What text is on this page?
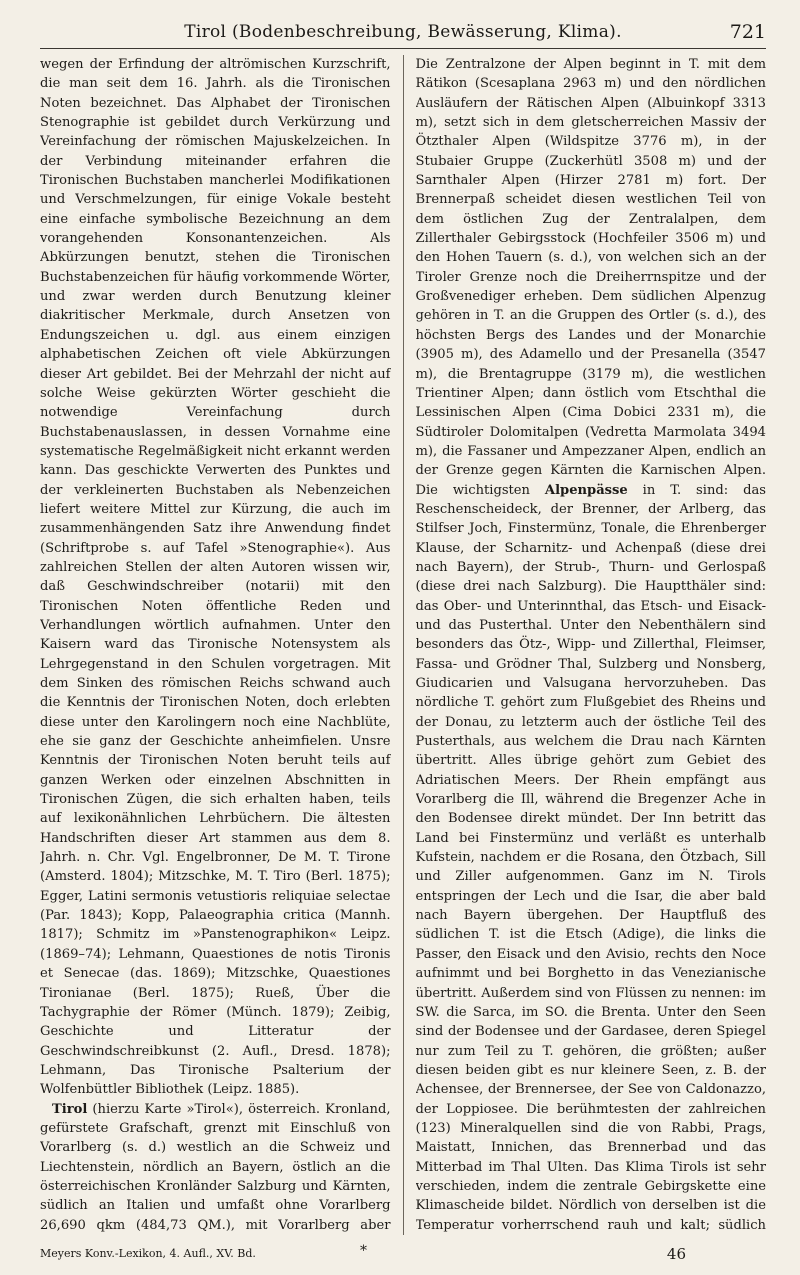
Tirol (Bodenbeschreibung, Bewässerung, Klima).	721

wegen der Erfindung der altrömischen Kurzschrift, die man seit dem 16. Jahrh. als die Tironischen Noten bezeichnet. Das Alphabet der Tironischen Stenographie ist gebildet durch Verkürzung und Vereinfachung der römischen Majuskelzeichen. In der Verbindung miteinander erfahren die Tironischen Buchstaben mancherlei Modifikationen und Verschmelzungen, für einige Vokale besteht eine einfache symbolische Bezeichnung an dem vorangehenden Konsonantenzeichen. Als Abkürzungen benutzt, stehen die Tironischen Buchstabenzeichen für häufig vorkommende Wörter, und zwar werden durch Benutzung kleiner diakritischer Merkmale, durch Ansetzen von Endungszeichen u. dgl. aus einem einzigen alphabetischen Zeichen oft viele Abkürzungen dieser Art gebildet. Bei der Mehrzahl der nicht auf solche Weise gekürzten Wörter geschieht die notwendige Vereinfachung durch Buchstabenauslassen, in dessen Vornahme eine systematische Regelmäßigkeit nicht erkannt werden kann. Das geschickte Verwerten des Punktes und der verkleinerten Buchstaben als Nebenzeichen liefert weitere Mittel zur Kürzung, die auch im zusammenhängenden Satz ihre Anwendung findet (Schriftprobe s. auf Tafel »Stenographie«). Aus zahlreichen Stellen der alten Autoren wissen wir, daß Geschwindschreiber (notarii) mit den Tironischen Noten öffentliche Reden und Verhandlungen wörtlich aufnahmen. Unter den Kaisern ward das Tironische Notensystem als Lehrgegenstand in den Schulen vorgetragen. Mit dem Sinken des römischen Reichs schwand auch die Kenntnis der Tironischen Noten, doch erlebten diese unter den Karolingern noch eine Nachblüte, ehe sie ganz der Geschichte anheimfielen. Unsre Kenntnis der Tironischen Noten beruht teils auf ganzen Werken oder einzelnen Abschnitten in Tironischen Zügen, die sich erhalten haben, teils auf lexikonähnlichen Lehrbüchern. Die ältesten Handschriften dieser Art stammen aus dem 8. Jahrh. n. Chr. Vgl. Engelbronner, De M. T. Tirone (Amsterd. 1804); Mitzschke, M. T. Tiro (Berl. 1875); Egger, Latini sermonis vetustioris reliquiae selectae (Par. 1843); Kopp, Palaeographia critica (Mannh. 1817); Schmitz im »Panstenographikon« Leipz. (1869–74); Lehmann, Quaestiones de notis Tironis et Senecae (das. 1869); Mitzschke, Quaestiones Tironianae (Berl. 1875); Rueß, Über die Tachygraphie der Römer (Münch. 1879); Zeibig, Geschichte und Litteratur der Geschwindschreibkunst (2. Aufl., Dresd. 1878); Lehmann, Das Tironische Psalterium der Wolfenbüttler Bibliothek (Leipz. 1885).

Tirol (hierzu Karte »Tirol«), österreich. Kronland, gefürstete Grafschaft, grenzt mit Einschluß von Vorarlberg (s. d.) westlich an die Schweiz und Liechtenstein, nördlich an Bayern, östlich an die österreichischen Kronländer Salzburg und Kärnten, südlich an Italien und umfaßt ohne Vorarlberg 26,690 qkm (484,73 QM.), mit Vorarlberg aber

Die Zentralzone der Alpen beginnt in T. mit dem Rätikon (Scesaplana 2963 m) und den nördlichen Ausläufern der Rätischen Alpen (Albuinkopf 3313 m), setzt sich in dem gletscherreichen Massiv der Ötzthaler Alpen (Wildspitze 3776 m), in der Stubaier Gruppe (Zuckerhütl 3508 m) und der Sarnthaler Alpen (Hirzer 2781 m) fort. Der Brennerpaß scheidet diesen westlichen Teil von dem östlichen Zug der Zentralalpen, dem Zillerthaler Gebirgsstock (Hochfeiler 3506 m) und den Hohen Tauern (s. d.), von welchen sich an der Tiroler Grenze noch die Dreiherrnspitze und der Großvenediger erheben. Dem südlichen Alpenzug gehören in T. an die Gruppen des Ortler (s. d.), des höchsten Bergs des Landes und der Monarchie (3905 m), des Adamello und der Presanella (3547 m), die Brentagruppe (3179 m), die westlichen Trientiner Alpen; dann östlich vom Etschthal die Lessinischen Alpen (Cima Dobici 2331 m), die Südtiroler Dolomitalpen (Vedretta Marmolata 3494 m), die Fassaner und Ampezzaner Alpen, endlich an der Grenze gegen Kärnten die Karnischen Alpen. Die wichtigsten Alpenpässe in T. sind: das Reschenscheideck, der Brenner, der Arlberg, das Stilfser Joch, Finstermünz, Tonale, die Ehrenberger Klause, der Scharnitz- und Achenpaß (diese drei nach Bayern), der Strub-, Thurn- und Gerlospaß (diese drei nach Salzburg). Die Hauptthäler sind: das Ober- und Unterinnthal, das Etsch- und Eisack- und das Pusterthal. Unter den Nebenthälern sind besonders das Ötz-, Wipp- und Zillerthal, Fleimser, Fassa- und Grödner Thal, Sulzberg und Nonsberg, Giudicarien und Valsugana hervorzuheben. Das nördliche T. gehört zum Flußgebiet des Rheins und der Donau, zu letzterm auch der östliche Teil des Pusterthals, aus welchem die Drau nach Kärnten übertritt. Alles übrige gehört zum Gebiet des Adriatischen Meers. Der Rhein empfängt aus Vorarlberg die Ill, während die Bregenzer Ache in den Bodensee direkt mündet. Der Inn betritt das Land bei Finstermünz und verläßt es unterhalb Kufstein, nachdem er die Rosana, den Ötzbach, Sill und Ziller aufgenommen. Ganz im N. Tirols entspringen der Lech und die Isar, die aber bald nach Bayern übergehen. Der Hauptfluß des südlichen T. ist die Etsch (Adige), die links die Passer, den Eisack und den Avisio, rechts den Noce aufnimmt und bei Borghetto in das Venezianische übertritt. Außerdem sind von Flüssen zu nennen: im SW. die Sarca, im SO. die Brenta. Unter den Seen sind der Bodensee und der Gardasee, deren Spiegel nur zum Teil zu T. gehören, die größten; außer diesen beiden gibt es nur kleinere Seen, z. B. der Achensee, der Brennersee, der See von Caldonazzo, der Loppiosee. Die berühmtesten der zahlreichen (123) Mineralquellen sind die von Rabbi, Prags, Maistatt, Innichen, das Brennerbad und das Mitterbad im Thal Ulten. Das Klima Tirols ist sehr verschieden, indem die zentrale Gebirgskette eine Klimascheide bildet. Nördlich von derselben ist die Temperatur vorherrschend rauh und kalt; südlich

Meyers Konv.-Lexikon, 4. Aufl., XV. Bd.	*	46
